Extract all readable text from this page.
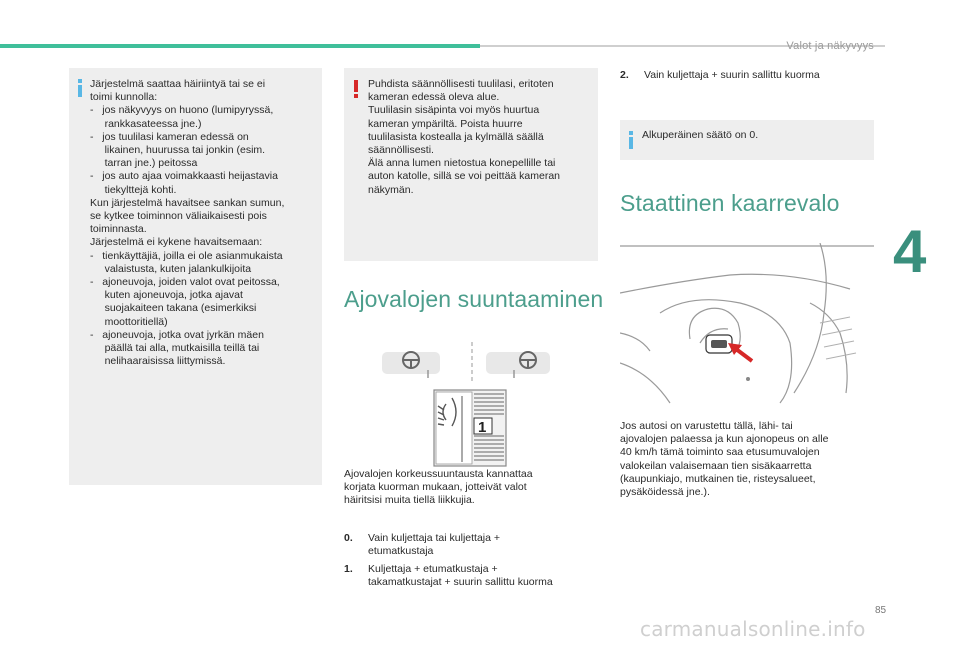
Valot ja näkyvyys
4
Järjestelmä saattaa häiriintyä tai se ei
toimi kunnolla:
-   jos näkyvyys on huono (lumipyryssä,
rankkasateessa jne.)
-   jos tuulilasi kameran edessä on
likainen, huurussa tai jonkin (esim.
tarran jne.) peitossa
-   jos auto ajaa voimakkaasti heijastavia
tiekylttejä kohti.
Kun järjestelmä havaitsee sankan sumun,
se kytkee toiminnon väliaikaisesti pois
toiminnasta.
Järjestelmä ei kykene havaitsemaan:
-   tienkäyttäjiä, joilla ei ole asianmukaista
valaistusta, kuten jalankulkijoita
-   ajoneuvoja, joiden valot ovat peitossa,
kuten ajoneuvoja, jotka ajavat
suojakaiteen takana (esimerkiksi
moottoritiellä)
-   ajoneuvoja, jotka ovat jyrkän mäen
päällä tai alla, mutkaisilla teillä tai
nelihaaraisissa liittymissä.
Puhdista säännöllisesti tuulilasi, eritoten
kameran edessä oleva alue.
Tuulilasin sisäpinta voi myös huurtua
kameran ympäriltä. Poista huurre
tuulilasista kostealla ja kylmällä säällä
säännöllisesti.
Älä anna lumen nietostua konepellille tai
auton katolle, sillä se voi peittää kameran
näkymän.
Ajovalojen suuntaaminen
1
Ajovalojen korkeussuuntausta kannattaa
korjata kuorman mukaan, jotteivät valot
häiritsisi muita tiellä liikkujia.
0. Vain kuljettaja tai kuljettaja +
etumatkustaja
1. Kuljettaja + etumatkustaja +
takamatkustajat + suurin sallittu kuorma
2. Vain kuljettaja + suurin sallittu kuorma
Alkuperäinen säätö on 0.
Staattinen kaarrevalo
Jos autosi on varustettu tällä, lähi- tai
ajovalojen palaessa ja kun ajonopeus on alle
40 km/h tämä toiminto saa etusumuvalojen
valokeilan valaisemaan tien sisäkaarretta
(kaupunkiajo, mutkainen tie, risteysalueet,
pysäköidessä jne.).
85
carmanualsonline.info
